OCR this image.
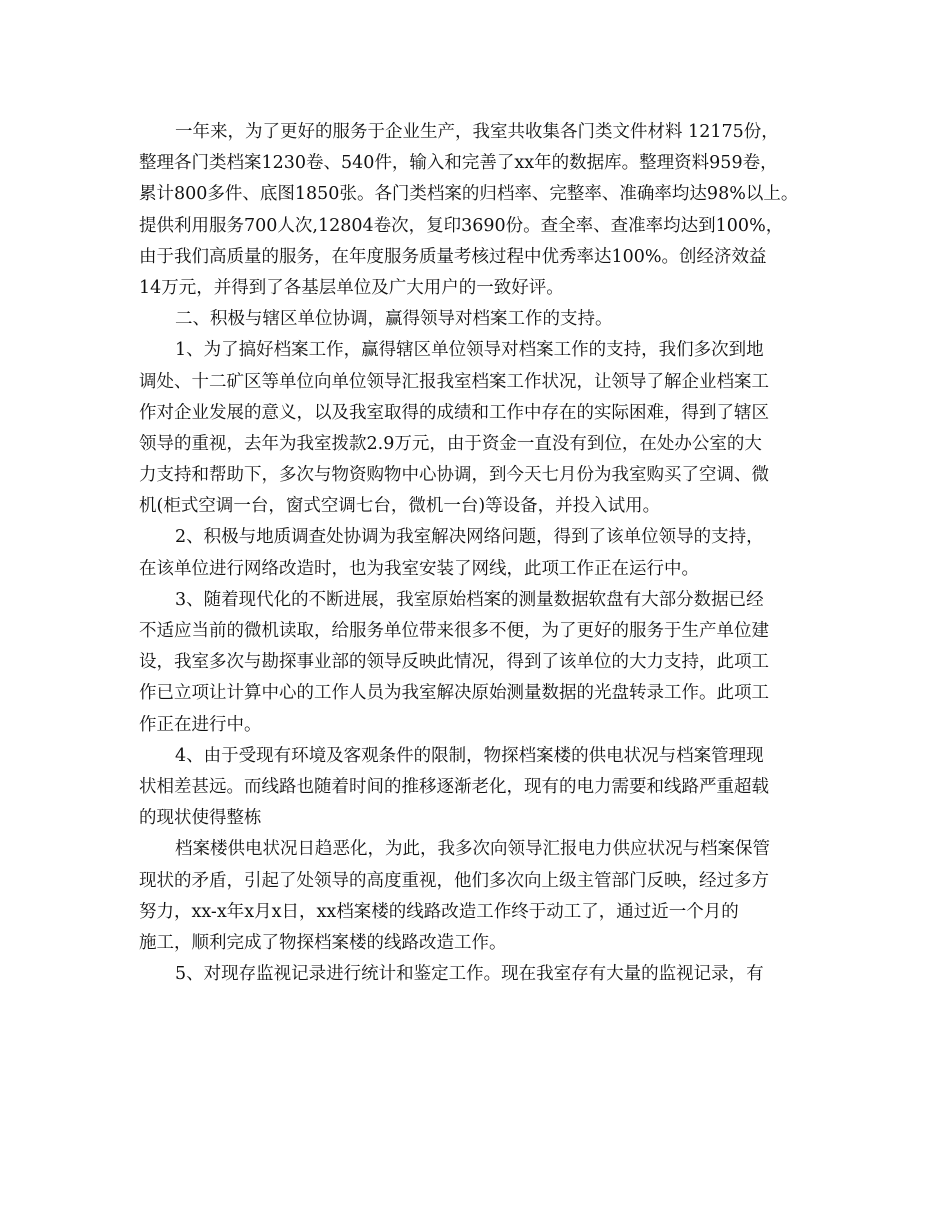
一年来，为了更好的服务于企业生产，我室共收集各门类文件材料 12175份，
整理各门类档案1230卷、540件，输入和完善了xx年的数据库。整理资料959卷，
累计800多件、底图1850张。各门类档案的归档率、完整率、准确率均达98%以上。
提供利用服务700人次,12804卷次，复印3690份。查全率、查准率均达到100%，
由于我们高质量的服务，在年度服务质量考核过程中优秀率达100%。创经济效益
14万元，并得到了各基层单位及广大用户的一致好评。
二、积极与辖区单位协调，赢得领导对档案工作的支持。
1、为了搞好档案工作，赢得辖区单位领导对档案工作的支持，我们多次到地
调处、十二矿区等单位向单位领导汇报我室档案工作状况，让领导了解企业档案工
作对企业发展的意义，以及我室取得的成绩和工作中存在的实际困难，得到了辖区
领导的重视，去年为我室拨款2.9万元，由于资金一直没有到位，在处办公室的大
力支持和帮助下，多次与物资购物中心协调，到今天七月份为我室购买了空调、微
机(柜式空调一台，窗式空调七台，微机一台)等设备，并投入试用。
2、积极与地质调查处协调为我室解决网络问题，得到了该单位领导的支持，
在该单位进行网络改造时，也为我室安装了网线，此项工作正在运行中。
3、随着现代化的不断进展，我室原始档案的测量数据软盘有大部分数据已经
不适应当前的微机读取，给服务单位带来很多不便，为了更好的服务于生产单位建
设，我室多次与勘探事业部的领导反映此情况，得到了该单位的大力支持，此项工
作已立项让计算中心的工作人员为我室解决原始测量数据的光盘转录工作。此项工
作正在进行中。
4、由于受现有环境及客观条件的限制，物探档案楼的供电状况与档案管理现
状相差甚远。而线路也随着时间的推移逐渐老化，现有的电力需要和线路严重超载
的现状使得整栋
档案楼供电状况日趋恶化，为此，我多次向领导汇报电力供应状况与档案保管
现状的矛盾，引起了处领导的高度重视，他们多次向上级主管部门反映，经过多方
努力，xx-x年x月x日，xx档案楼的线路改造工作终于动工了，通过近一个月的
施工，顺利完成了物探档案楼的线路改造工作。
5、对现存监视记录进行统计和鉴定工作。现在我室存有大量的监视记录，有
